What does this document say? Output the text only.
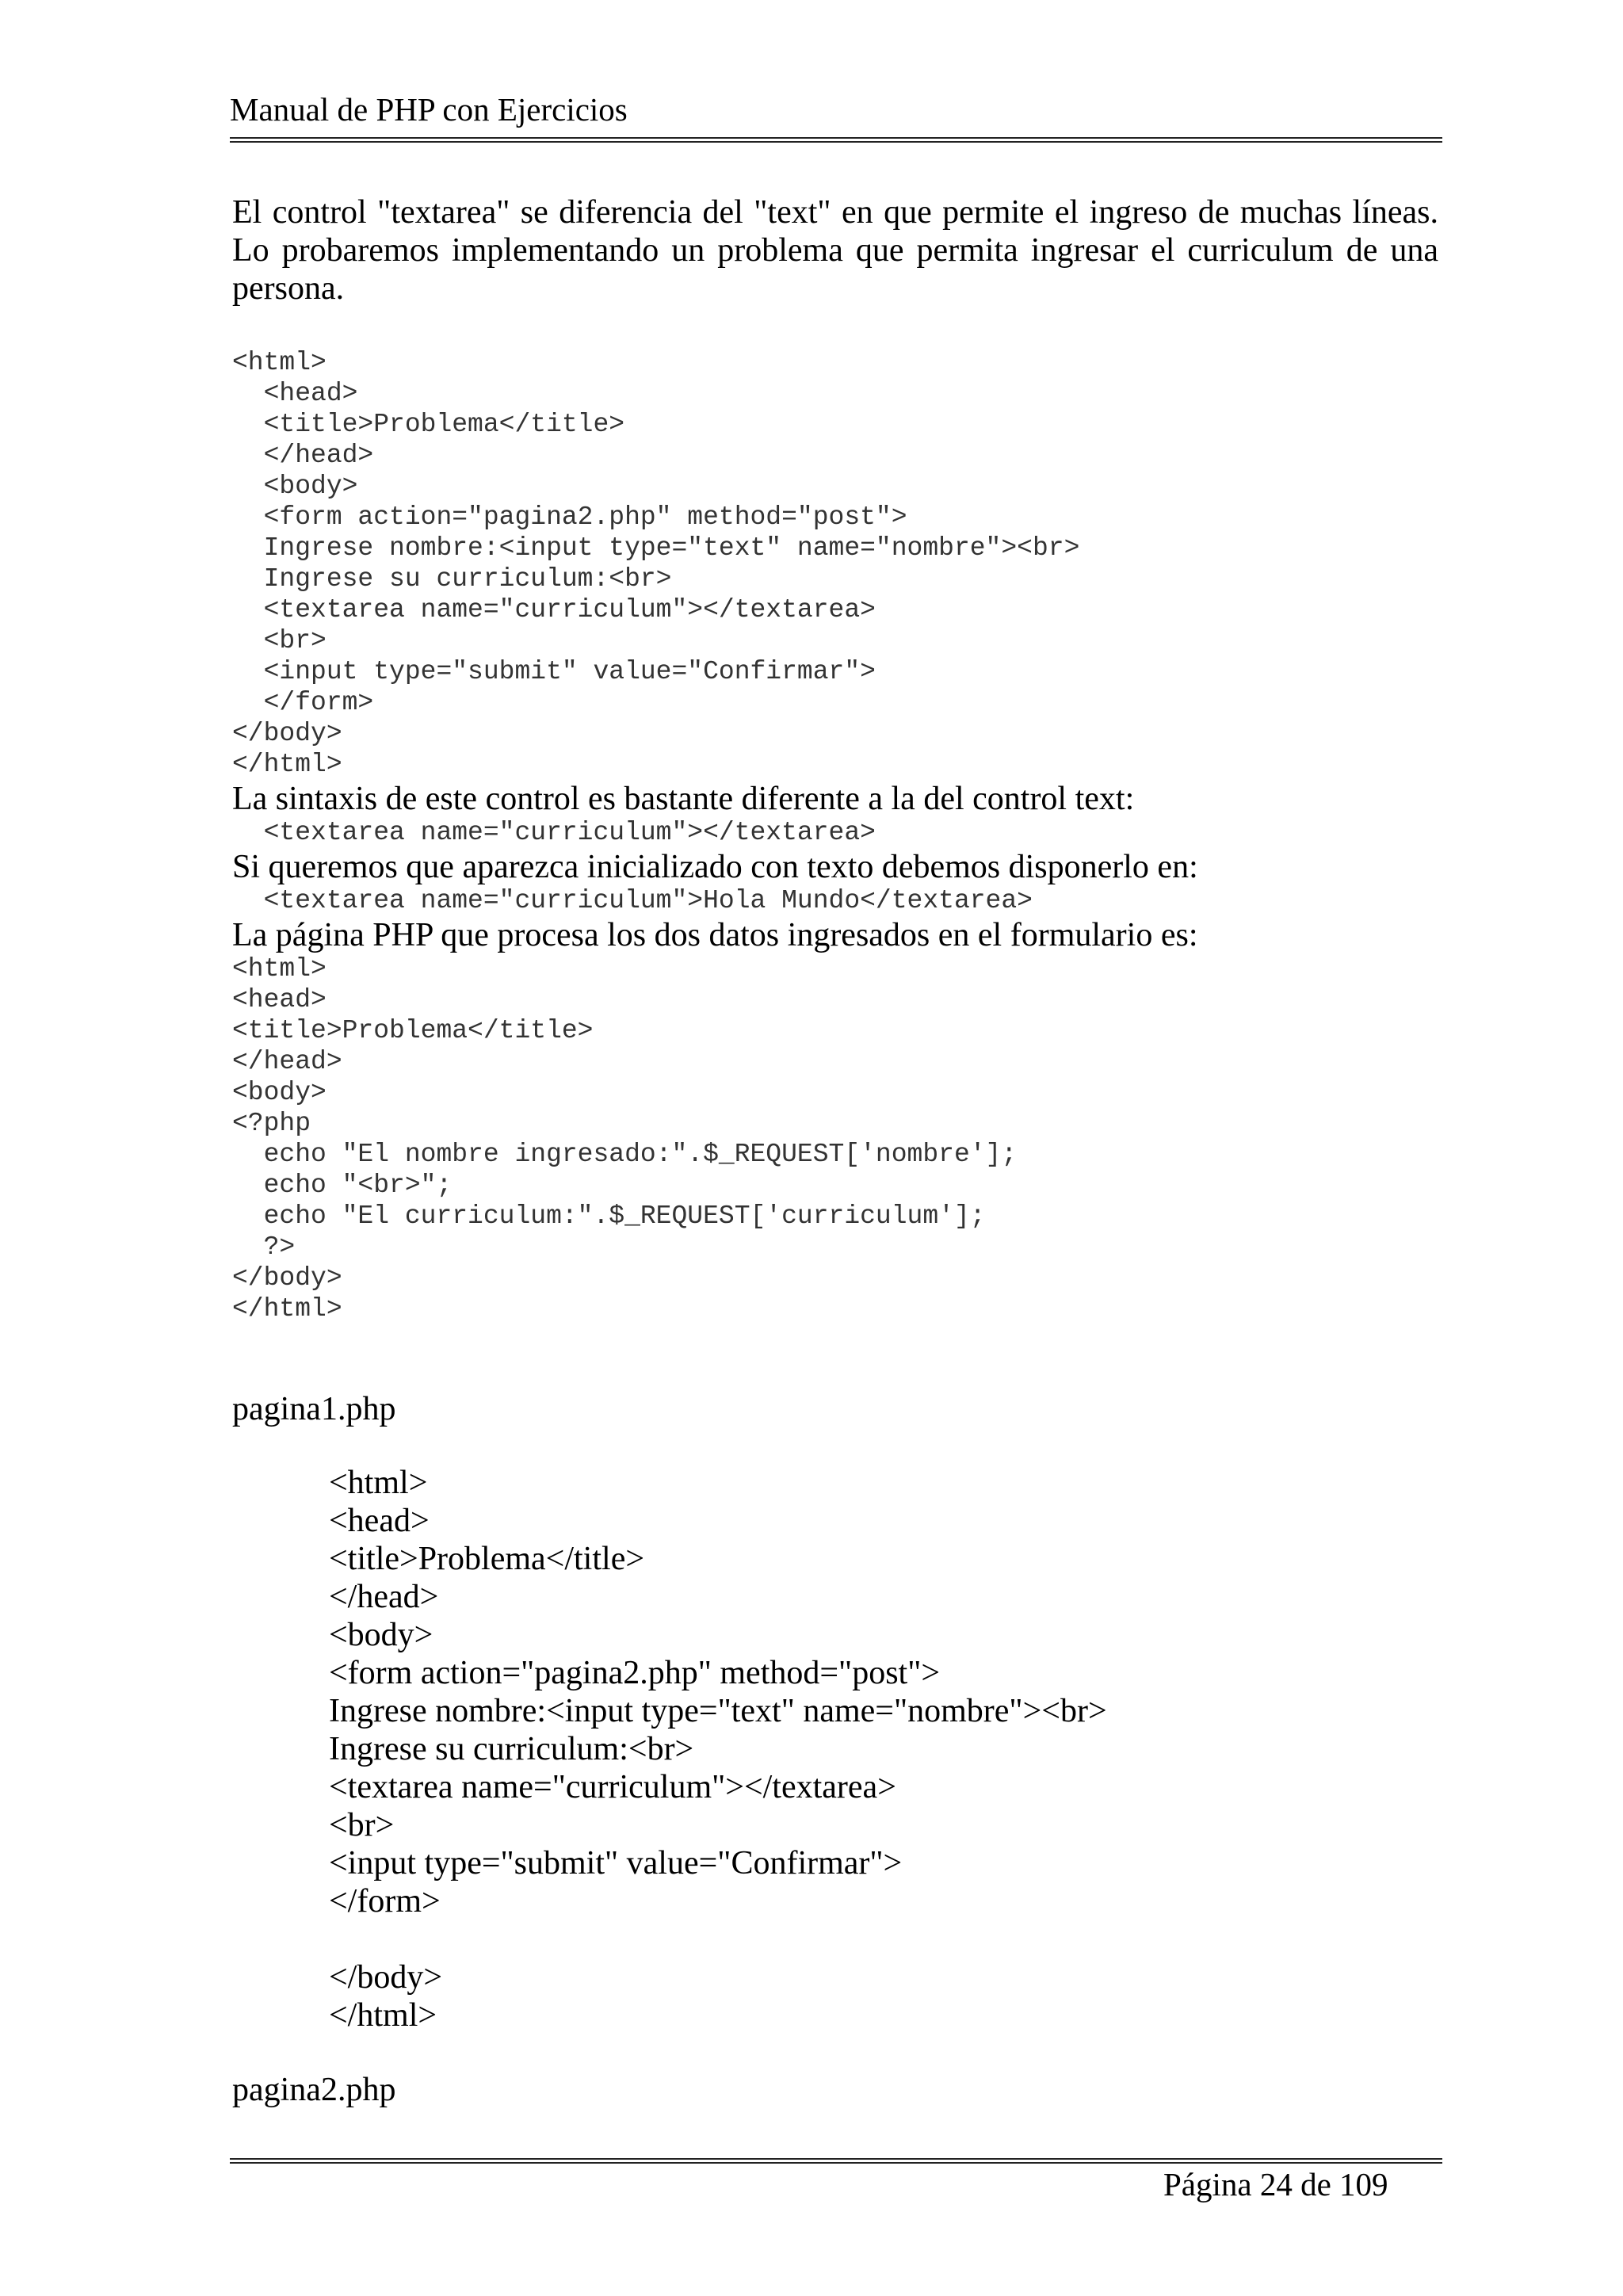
Manual de PHP con Ejercicios

El control "textarea" se diferencia del "text" en que permite el ingreso de muchas líneas. Lo probaremos implementando un problema que permita ingresar el curriculum de una persona.

<html>
<head>
<title>Problema</title>
</head>
<body>
<form action="pagina2.php" method="post">
Ingrese nombre:<input type="text" name="nombre"><br>
Ingrese su curriculum:<br>
<textarea name="curriculum"></textarea>
<br>
<input type="submit" value="Confirmar">
</form>
</body>
</html>
La sintaxis de este control es bastante diferente a la del control text:
<textarea name="curriculum"></textarea>
Si queremos que aparezca inicializado con texto debemos disponerlo en:
<textarea name="curriculum">Hola Mundo</textarea>
La página PHP que procesa los dos datos ingresados en el formulario es:
<html>
<head>
<title>Problema</title>
</head>
<body>
<?php
echo "El nombre ingresado:".$_REQUEST['nombre'];
echo "<br>";
echo "El curriculum:".$_REQUEST['curriculum'];
?>
</body>
</html>
pagina1.php
<html>
<head>
<title>Problema</title>
</head>
<body>
<form action="pagina2.php" method="post">
Ingrese nombre:<input type="text" name="nombre"><br>
Ingrese su curriculum:<br>
<textarea name="curriculum"></textarea>
<br>
<input type="submit" value="Confirmar">
</form>
</body>
</html>
pagina2.php
Página 24 de 109
